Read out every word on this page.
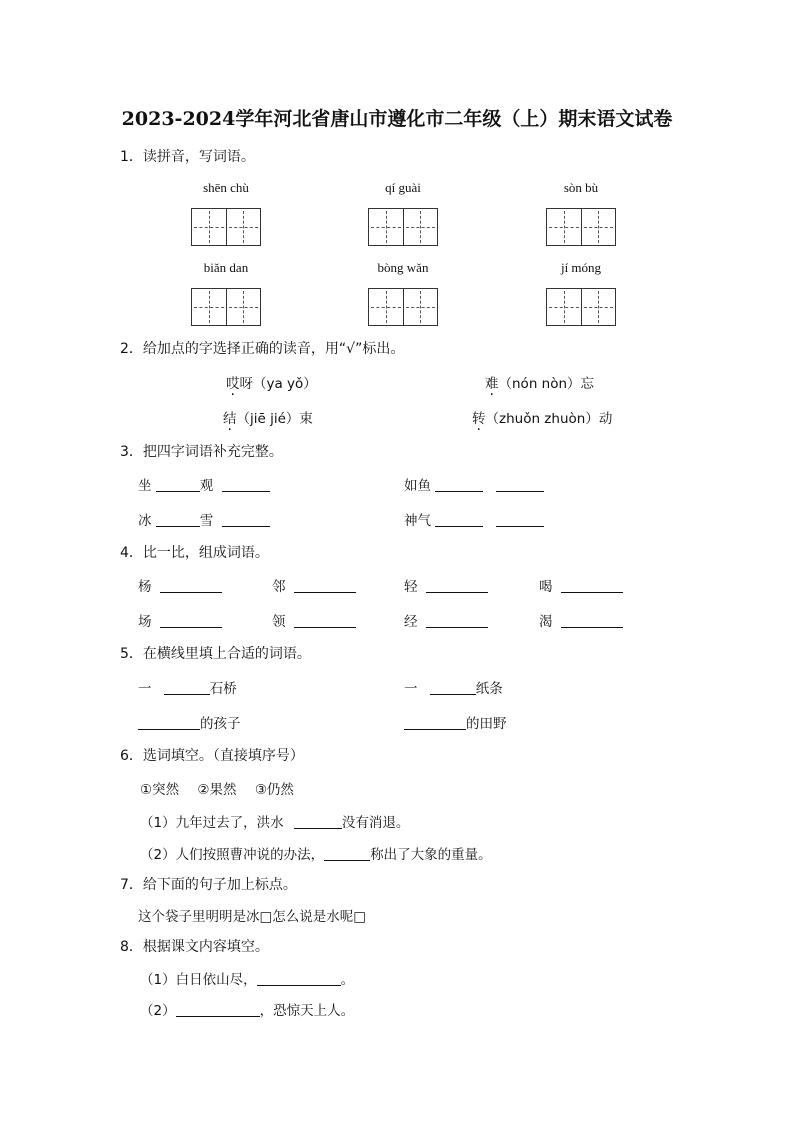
2023-2024学年河北省唐山市遵化市二年级（上）期末语文试卷
1．读拼音，写词语。
shēn chù	qí guài	sòn bù
biǎn dan	bòng wǎn	jí móng
2．给加点的字选择正确的读音，用“√”标出。
哎呀（ya yǒ）	难（nón nòn）忘
结（jiē jié）束	转（zhuǒn zhuòn）动
3．把四字词语补充完整。
坐	观	如鱼
冰	雪	神气
4．比一比，组成词语。
杨	邻	轻	喝
场	领	经	渴
5．在横线里填上合适的词语。
一	石桥	一	纸条
的孩子	的田野
6．选词填空。（直接填序号）
①突然 ②果然 ③仍然
（1）九年过去了，洪水	没有消退。
（2）人们按照曹冲说的办法，	称出了大象的重量。
7．给下面的句子加上标点。
这个袋子里明明是冰□怎么说是水呢□
8．根据课文内容填空。
（1）白日依山尽，	。
（2）	，恐惊天上人。
